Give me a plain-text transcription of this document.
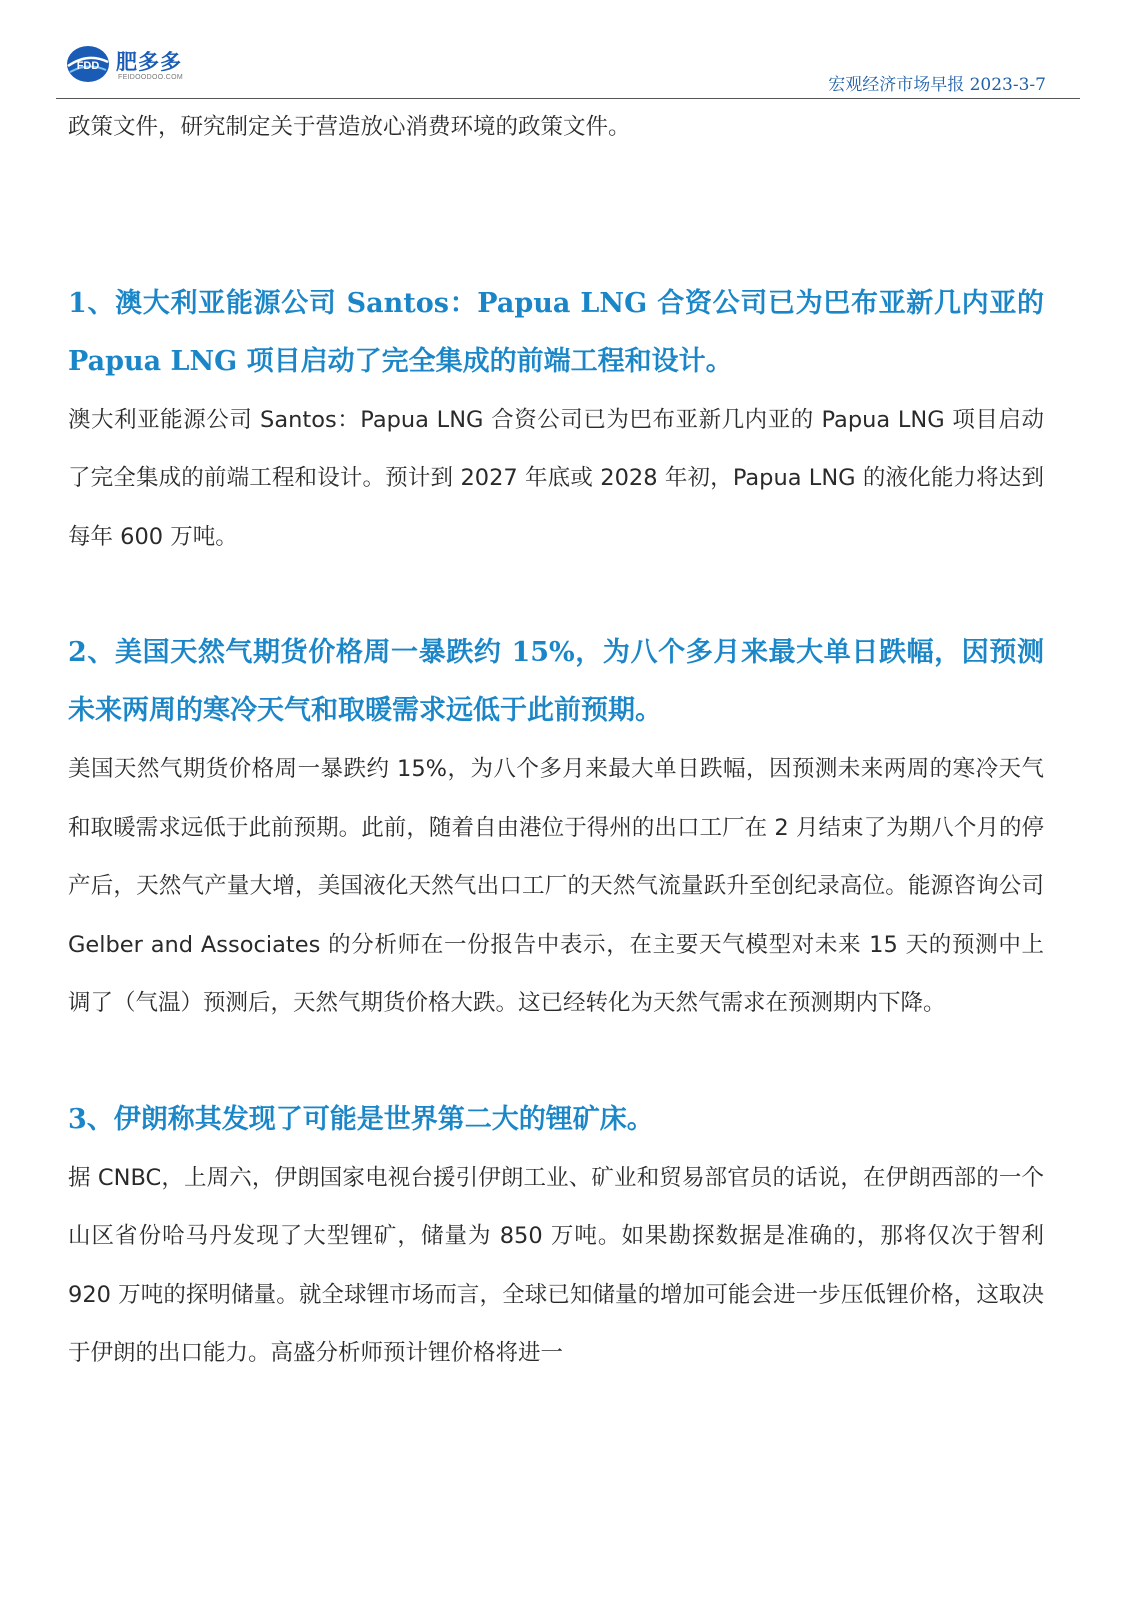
FDD 肥多多
FEIDOODOO.COM	宏观经济市场早报 2023-3-7

政策文件，研究制定关于营造放心消费环境的政策文件。

1、澳大利亚能源公司 Santos：Papua LNG 合资公司已为巴布亚新几内亚的Papua LNG 项目启动了完全集成的前端工程和设计。

澳大利亚能源公司 Santos：Papua LNG 合资公司已为巴布亚新几内亚的 Papua LNG 项目启动了完全集成的前端工程和设计。预计到 2027 年底或 2028 年初，Papua LNG 的液化能力将达到每年 600 万吨。

2、美国天然气期货价格周一暴跌约 15%，为八个多月来最大单日跌幅，因预测未来两周的寒冷天气和取暖需求远低于此前预期。

美国天然气期货价格周一暴跌约 15%，为八个多月来最大单日跌幅，因预测未来两周的寒冷天气和取暖需求远低于此前预期。此前，随着自由港位于得州的出口工厂在 2 月结束了为期八个月的停产后，天然气产量大增，美国液化天然气出口工厂的天然气流量跃升至创纪录高位。能源咨询公司 Gelber and Associates 的分析师在一份报告中表示，在主要天气模型对未来 15 天的预测中上调了（气温）预测后，天然气期货价格大跌。这已经转化为天然气需求在预测期内下降。

3、伊朗称其发现了可能是世界第二大的锂矿床。

据 CNBC，上周六，伊朗国家电视台援引伊朗工业、矿业和贸易部官员的话说，在伊朗西部的一个山区省份哈马丹发现了大型锂矿，储量为 850 万吨。如果勘探数据是准确的，那将仅次于智利 920 万吨的探明储量。就全球锂市场而言，全球已知储量的增加可能会进一步压低锂价格，这取决于伊朗的出口能力。高盛分析师预计锂价格将进一
